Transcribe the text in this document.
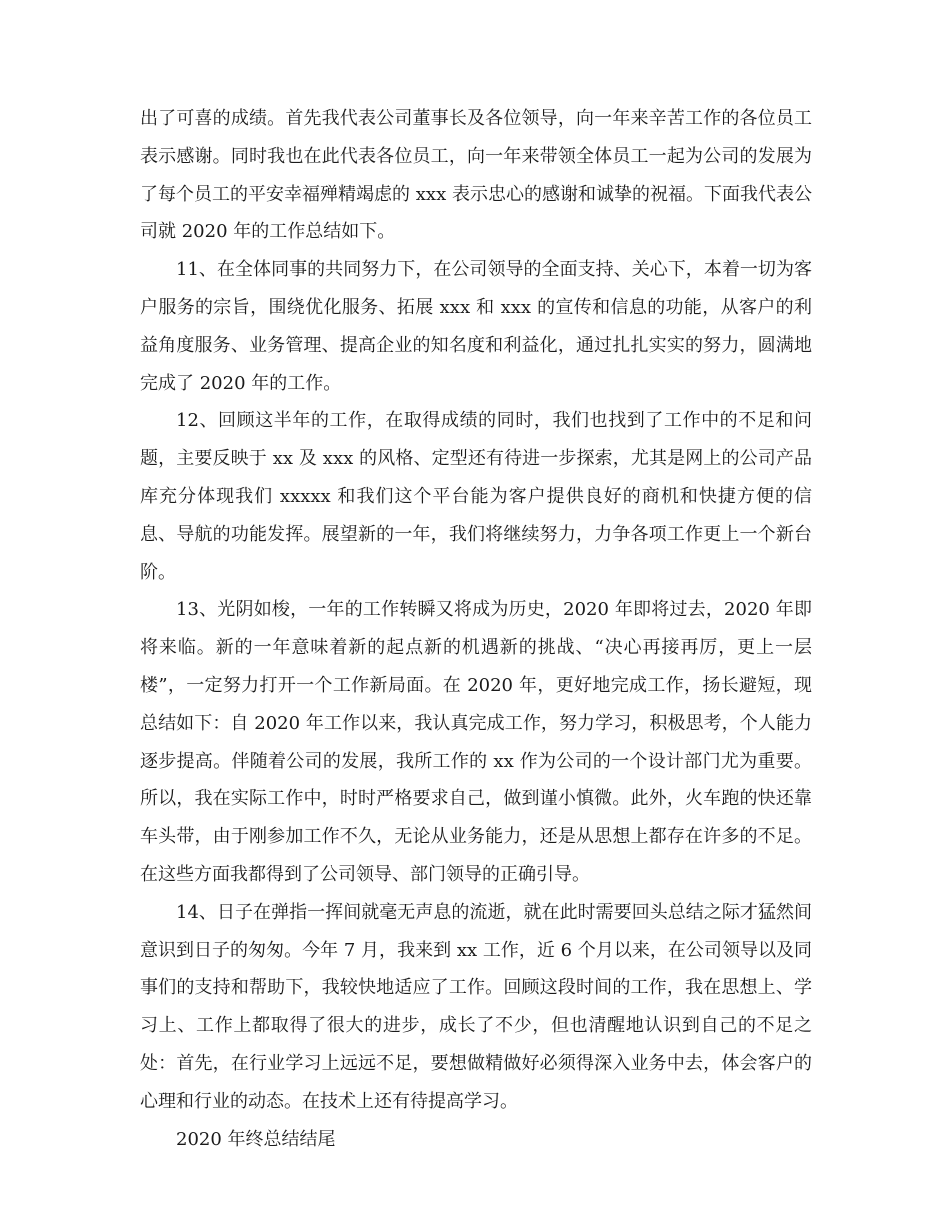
出了可喜的成绩。首先我代表公司董事长及各位领导，向一年来辛苦工作的各位员工表示感谢。同时我也在此代表各位员工，向一年来带领全体员工一起为公司的发展为了每个员工的平安幸福殚精竭虑的 xxx 表示忠心的感谢和诚挚的祝福。下面我代表公司就 2020 年的工作总结如下。

11、在全体同事的共同努力下，在公司领导的全面支持、关心下，本着一切为客户服务的宗旨，围绕优化服务、拓展 xxx 和 xxx 的宣传和信息的功能，从客户的利益角度服务、业务管理、提高企业的知名度和利益化，通过扎扎实实的努力，圆满地完成了 2020 年的工作。

12、回顾这半年的工作，在取得成绩的同时，我们也找到了工作中的不足和问题，主要反映于 xx 及 xxx 的风格、定型还有待进一步探索，尤其是网上的公司产品库充分体现我们 xxxxx 和我们这个平台能为客户提供良好的商机和快捷方便的信息、导航的功能发挥。展望新的一年，我们将继续努力，力争各项工作更上一个新台阶。

13、光阴如梭，一年的工作转瞬又将成为历史，2020 年即将过去，2020 年即将来临。新的一年意味着新的起点新的机遇新的挑战、“决心再接再厉，更上一层楼”，一定努力打开一个工作新局面。在 2020 年，更好地完成工作，扬长避短，现总结如下：自 2020 年工作以来，我认真完成工作，努力学习，积极思考，个人能力逐步提高。伴随着公司的发展，我所工作的 xx 作为公司的一个设计部门尤为重要。所以，我在实际工作中，时时严格要求自己，做到谨小慎微。此外，火车跑的快还靠车头带，由于刚参加工作不久，无论从业务能力，还是从思想上都存在许多的不足。在这些方面我都得到了公司领导、部门领导的正确引导。

14、日子在弹指一挥间就毫无声息的流逝，就在此时需要回头总结之际才猛然间意识到日子的匆匆。今年 7 月，我来到 xx 工作，近 6 个月以来，在公司领导以及同事们的支持和帮助下，我较快地适应了工作。回顾这段时间的工作，我在思想上、学习上、工作上都取得了很大的进步，成长了不少，但也清醒地认识到自己的不足之处：首先，在行业学习上远远不足，要想做精做好必须得深入业务中去，体会客户的心理和行业的动态。在技术上还有待提高学习。

2020 年终总结结尾
